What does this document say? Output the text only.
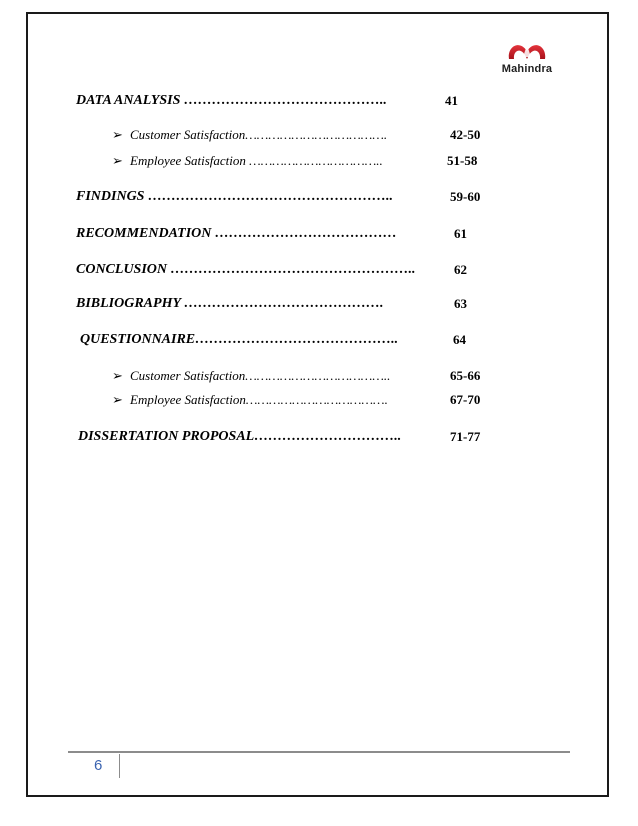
Mahindra
DATA ANALYSIS ……………………………………..	41
➢ Customer Satisfaction……………………………….	42-50
➢ Employee Satisfaction ……………………………..	51-58
FINDINGS ……………………………………………..	59-60
RECOMMENDATION …………………………………	61
CONCLUSION ……………………………………………..	62
BIBLIOGRAPHY …………………………………….	63
QUESTIONNAIRE……………………………………..	64
➢ Customer Satisfaction………………………………..	65-66
➢ Employee Satisfaction……………………………….	67-70
DISSERTATION PROPOSAL…………………………..	71-77
6
